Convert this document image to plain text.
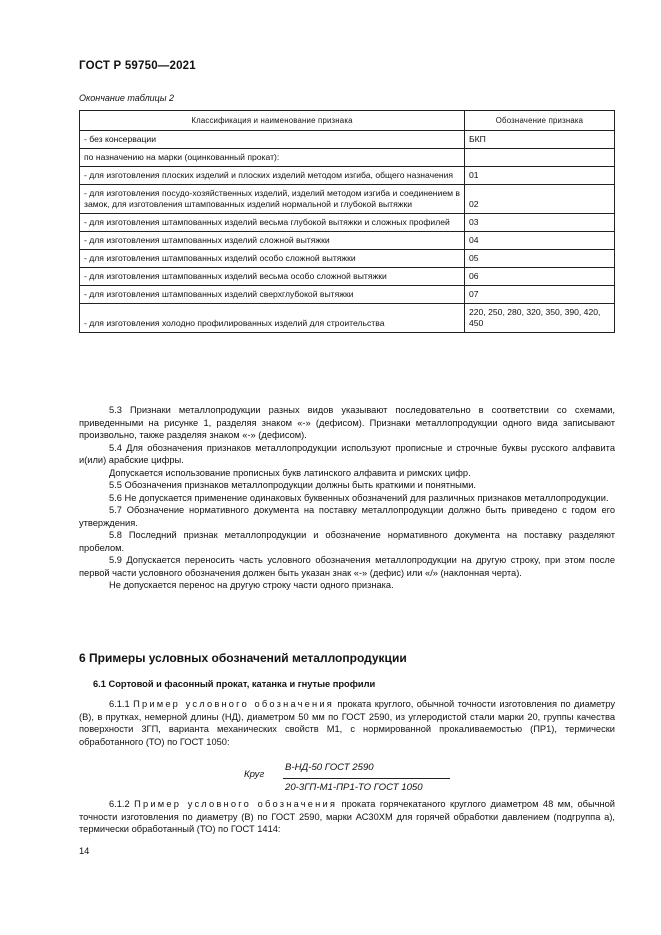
ГОСТ Р 59750—2021
Окончание таблицы 2
Классификация и наименование признака	Обозначение признака
- без консервации	БКП
по назначению на марки (оцинкованный прокат):	
- для изготовления плоских изделий и плоских изделий методом изгиба, общего назначения	01
- для изготовления посудо-хозяйственных изделий, изделий методом изгиба и соединением в замок, для изготовления штампованных изделий нормальной и глубокой вытяжки	02
- для изготовления штампованных изделий весьма глубокой вытяжки и сложных профилей	03
- для изготовления штампованных изделий сложной вытяжки	04
- для изготовления штампованных изделий особо сложной вытяжки	05
- для изготовления штампованных изделий весьма особо сложной вытяжки	06
- для изготовления штампованных изделий сверхглубокой вытяжки	07
- для изготовления холодно профилированных изделий для строительства	220, 250, 280, 320, 350, 390, 420, 450

5.3 Признаки металлопродукции разных видов указывают последовательно в соответствии со схемами, приведенными на рисунке 1, разделяя знаком «-» (дефисом). Признаки металлопродукции одного вида записывают произвольно, также разделяя знаком «-» (дефисом).

5.4 Для обозначения признаков металлопродукции используют прописные и строчные буквы русского алфавита и(или) арабские цифры.

Допускается использование прописных букв латинского алфавита и римских цифр.

5.5 Обозначения признаков металлопродукции должны быть краткими и понятными.

5.6 Не допускается применение одинаковых буквенных обозначений для различных признаков металлопродукции.

5.7 Обозначение нормативного документа на поставку металлопродукции должно быть приведено с годом его утверждения.

5.8 Последний признак металлопродукции и обозначение нормативного документа на поставку разделяют пробелом.

5.9 Допускается переносить часть условного обозначения металлопродукции на другую строку, при этом после первой части условного обозначения должен быть указан знак «-» (дефис) или «/» (наклонная черта).

Не допускается перенос на другую строку части одного признака.

6 Примеры условных обозначений металлопродукции
6.1 Сортовой и фасонный прокат, катанка и гнутые профили

6.1.1 Пример условного обозначения проката круглого, обычной точности изготовления по диаметру (В), в прутках, немерной длины (НД), диаметром 50 мм по ГОСТ 2590, из углеродистой стали марки 20, группы качества поверхности 3ГП, варианта механических свойств М1, с нормированной прокаливаемостью (ПР1), термически обработанного (ТО) по ГОСТ 1050:

Круг
В-НД-50 ГОСТ 2590
20-3ГП-М1-ПР1-ТО ГОСТ 1050

6.1.2 Пример условного обозначения проката горячекатаного круглого диаметром 48 мм, обычной точности изготовления по диаметру (В) по ГОСТ 2590, марки АС30ХМ для горячей обработки давлением (подгруппа а), термически обработанный (ТО) по ГОСТ 1414:

14
